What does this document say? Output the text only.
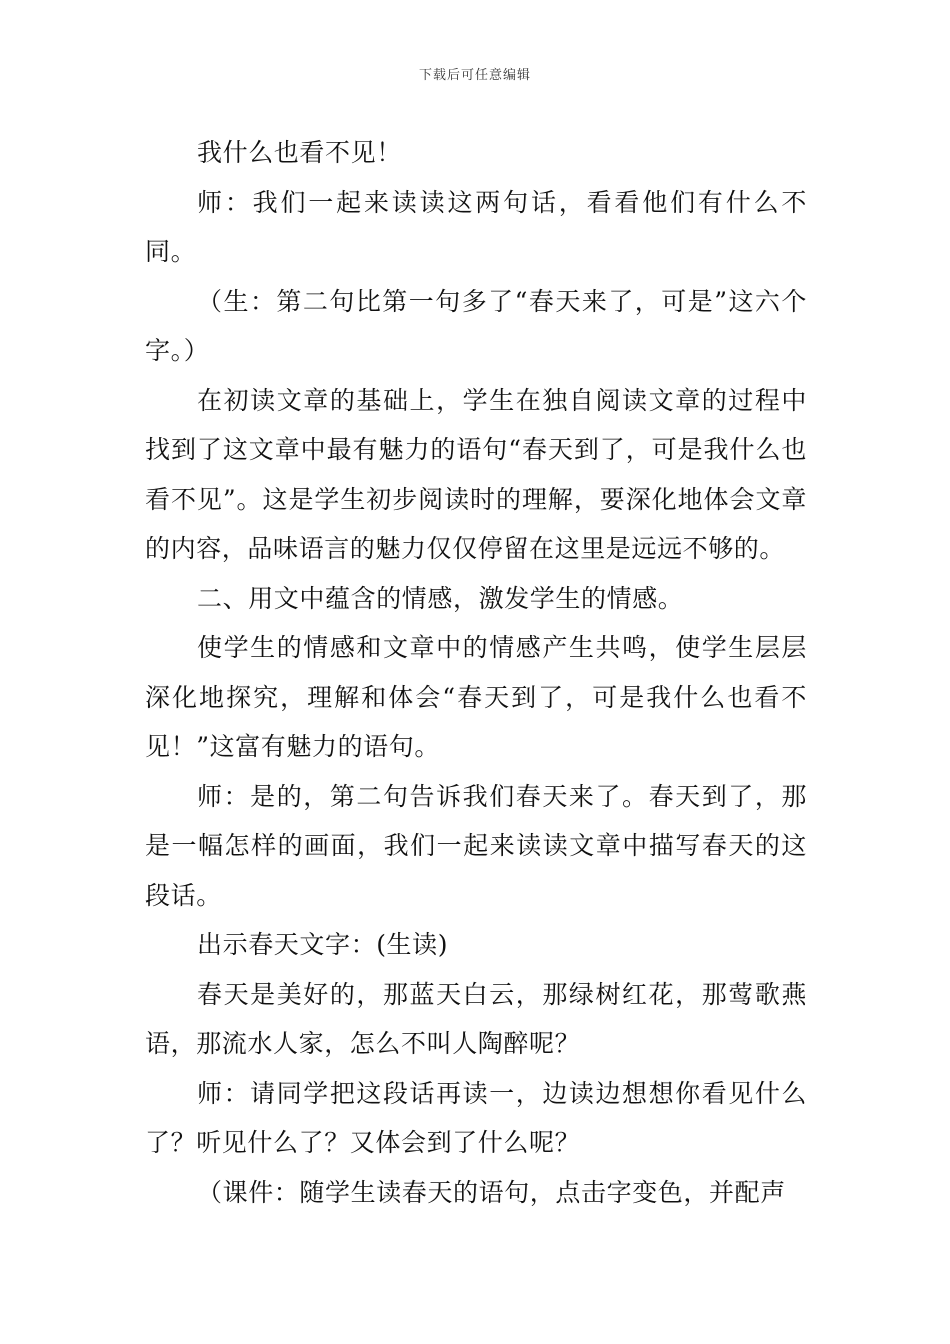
下载后可任意编辑

我什么也看不见！

师：我们一起来读读这两句话，看看他们有什么不同。

（生：第二句比第一句多了“春天来了，可是”这六个字。）

在初读文章的基础上，学生在独自阅读文章的过程中找到了这文章中最有魅力的语句“春天到了，可是我什么也看不见”。这是学生初步阅读时的理解，要深化地体会文章的内容，品味语言的魅力仅仅停留在这里是远远不够的。

二、用文中蕴含的情感，激发学生的情感。

使学生的情感和文章中的情感产生共鸣，使学生层层深化地探究，理解和体会“春天到了，可是我什么也看不见！”这富有魅力的语句。

师：是的，第二句告诉我们春天来了。春天到了，那是一幅怎样的画面，我们一起来读读文章中描写春天的这段话。

出示春天文字：(生读)

春天是美好的，那蓝天白云，那绿树红花，那莺歌燕语，那流水人家，怎么不叫人陶醉呢？

师：请同学把这段话再读一，边读边想想你看见什么了？听见什么了？又体会到了什么呢？

（课件：随学生读春天的语句，点击字变色，并配声
